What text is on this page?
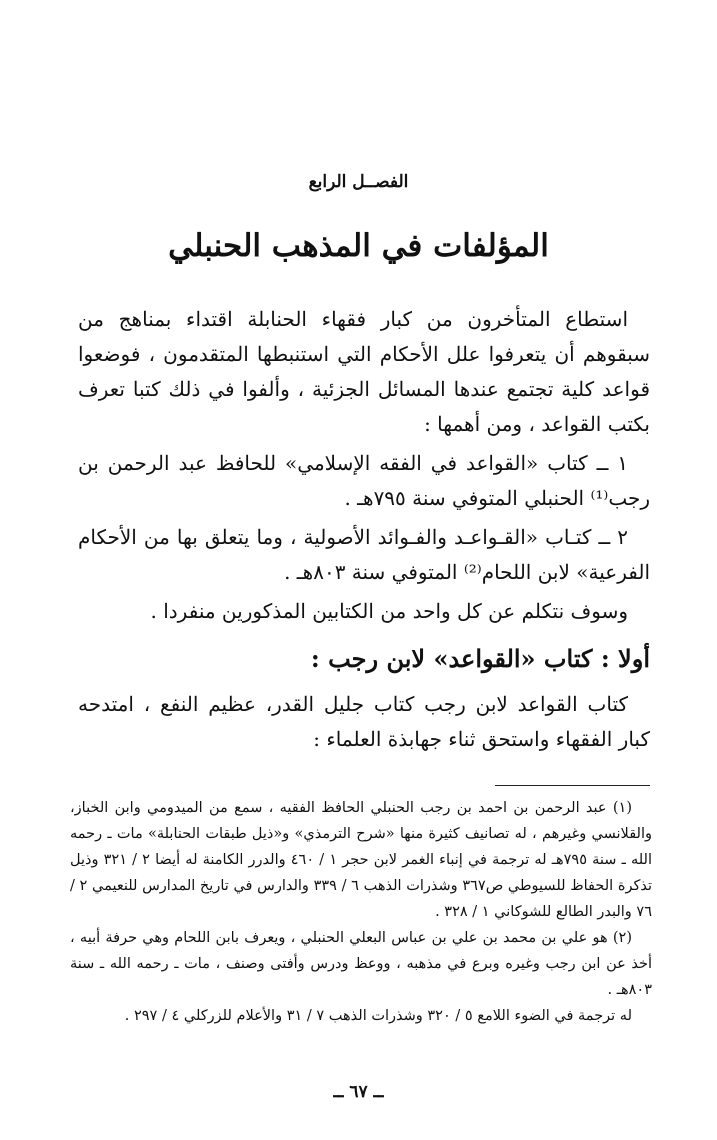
الفصــل الرابع
المؤلفات في المذهب الحنبلي

استطاع المتأخرون من كبار فقهاء الحنابلة اقتداء بمناهج من سبقوهم أن يتعرفوا علل الأحكام التي استنبطها المتقدمون ، فوضعوا قواعد كلية تجتمع عندها المسائل الجزئية ، وألفوا في ذلك كتبا تعرف بكتب القواعد ، ومن أهمها :

١ ــ كتاب «القواعد في الفقه الإسلامي» للحافظ عبد الرحمن بن رجب⁽¹⁾ الحنبلي المتوفي سنة ٧٩٥هـ .

٢ ــ كتـاب «القـواعـد والفـوائد الأصولية ، وما يتعلق بها من الأحكام الفرعية» لابن اللحام⁽²⁾ المتوفي سنة ٨٠٣هـ .

وسوف نتكلم عن كل واحد من الكتابين المذكورين منفردا .

أولا : كتاب «القواعد» لابن رجب :

كتاب القواعد لابن رجب كتاب جليل القدر، عظيم النفع ، امتدحه كبار الفقهاء واستحق ثناء جهابذة العلماء :

(١) عبد الرحمن بن احمد بن رجب الحنبلي الحافظ الفقيه ، سمع من الميدومي وابن الخباز، والقلانسي وغيرهم ، له تصانيف كثيرة منها «شرح الترمذي» و«ذيل طبقات الحنابلة» مات ـ رحمه الله ـ سنة ٧٩٥هـ له ترجمة في إنباء الغمر لابن حجر ١ / ٤٦٠ والدرر الكامنة له أيضا ٢ / ٣٢١ وذيل تذكرة الحفاظ للسيوطي ص٣٦٧ وشذرات الذهب ٦ / ٣٣٩ والدارس في تاريخ المدارس للنعيمي ٢ / ٧٦ والبدر الطالع للشوكاني ١ / ٣٢٨ .

(٢) هو علي بن محمد بن علي بن عباس البعلي الحنبلي ، ويعرف بابن اللحام وهي حرفة أبيه ، أخذ عن ابن رجب وغيره وبرع في مذهبه ، ووعظ ودرس وأفتى وصنف ، مات ـ رحمه الله ـ سنة ٨٠٣هـ .

له ترجمة في الضوء اللامع ٥ / ٣٢٠ وشذرات الذهب ٧ / ٣١ والأعلام للزركلي ٤ / ٢٩٧ .

ــ ٦٧ ــ
